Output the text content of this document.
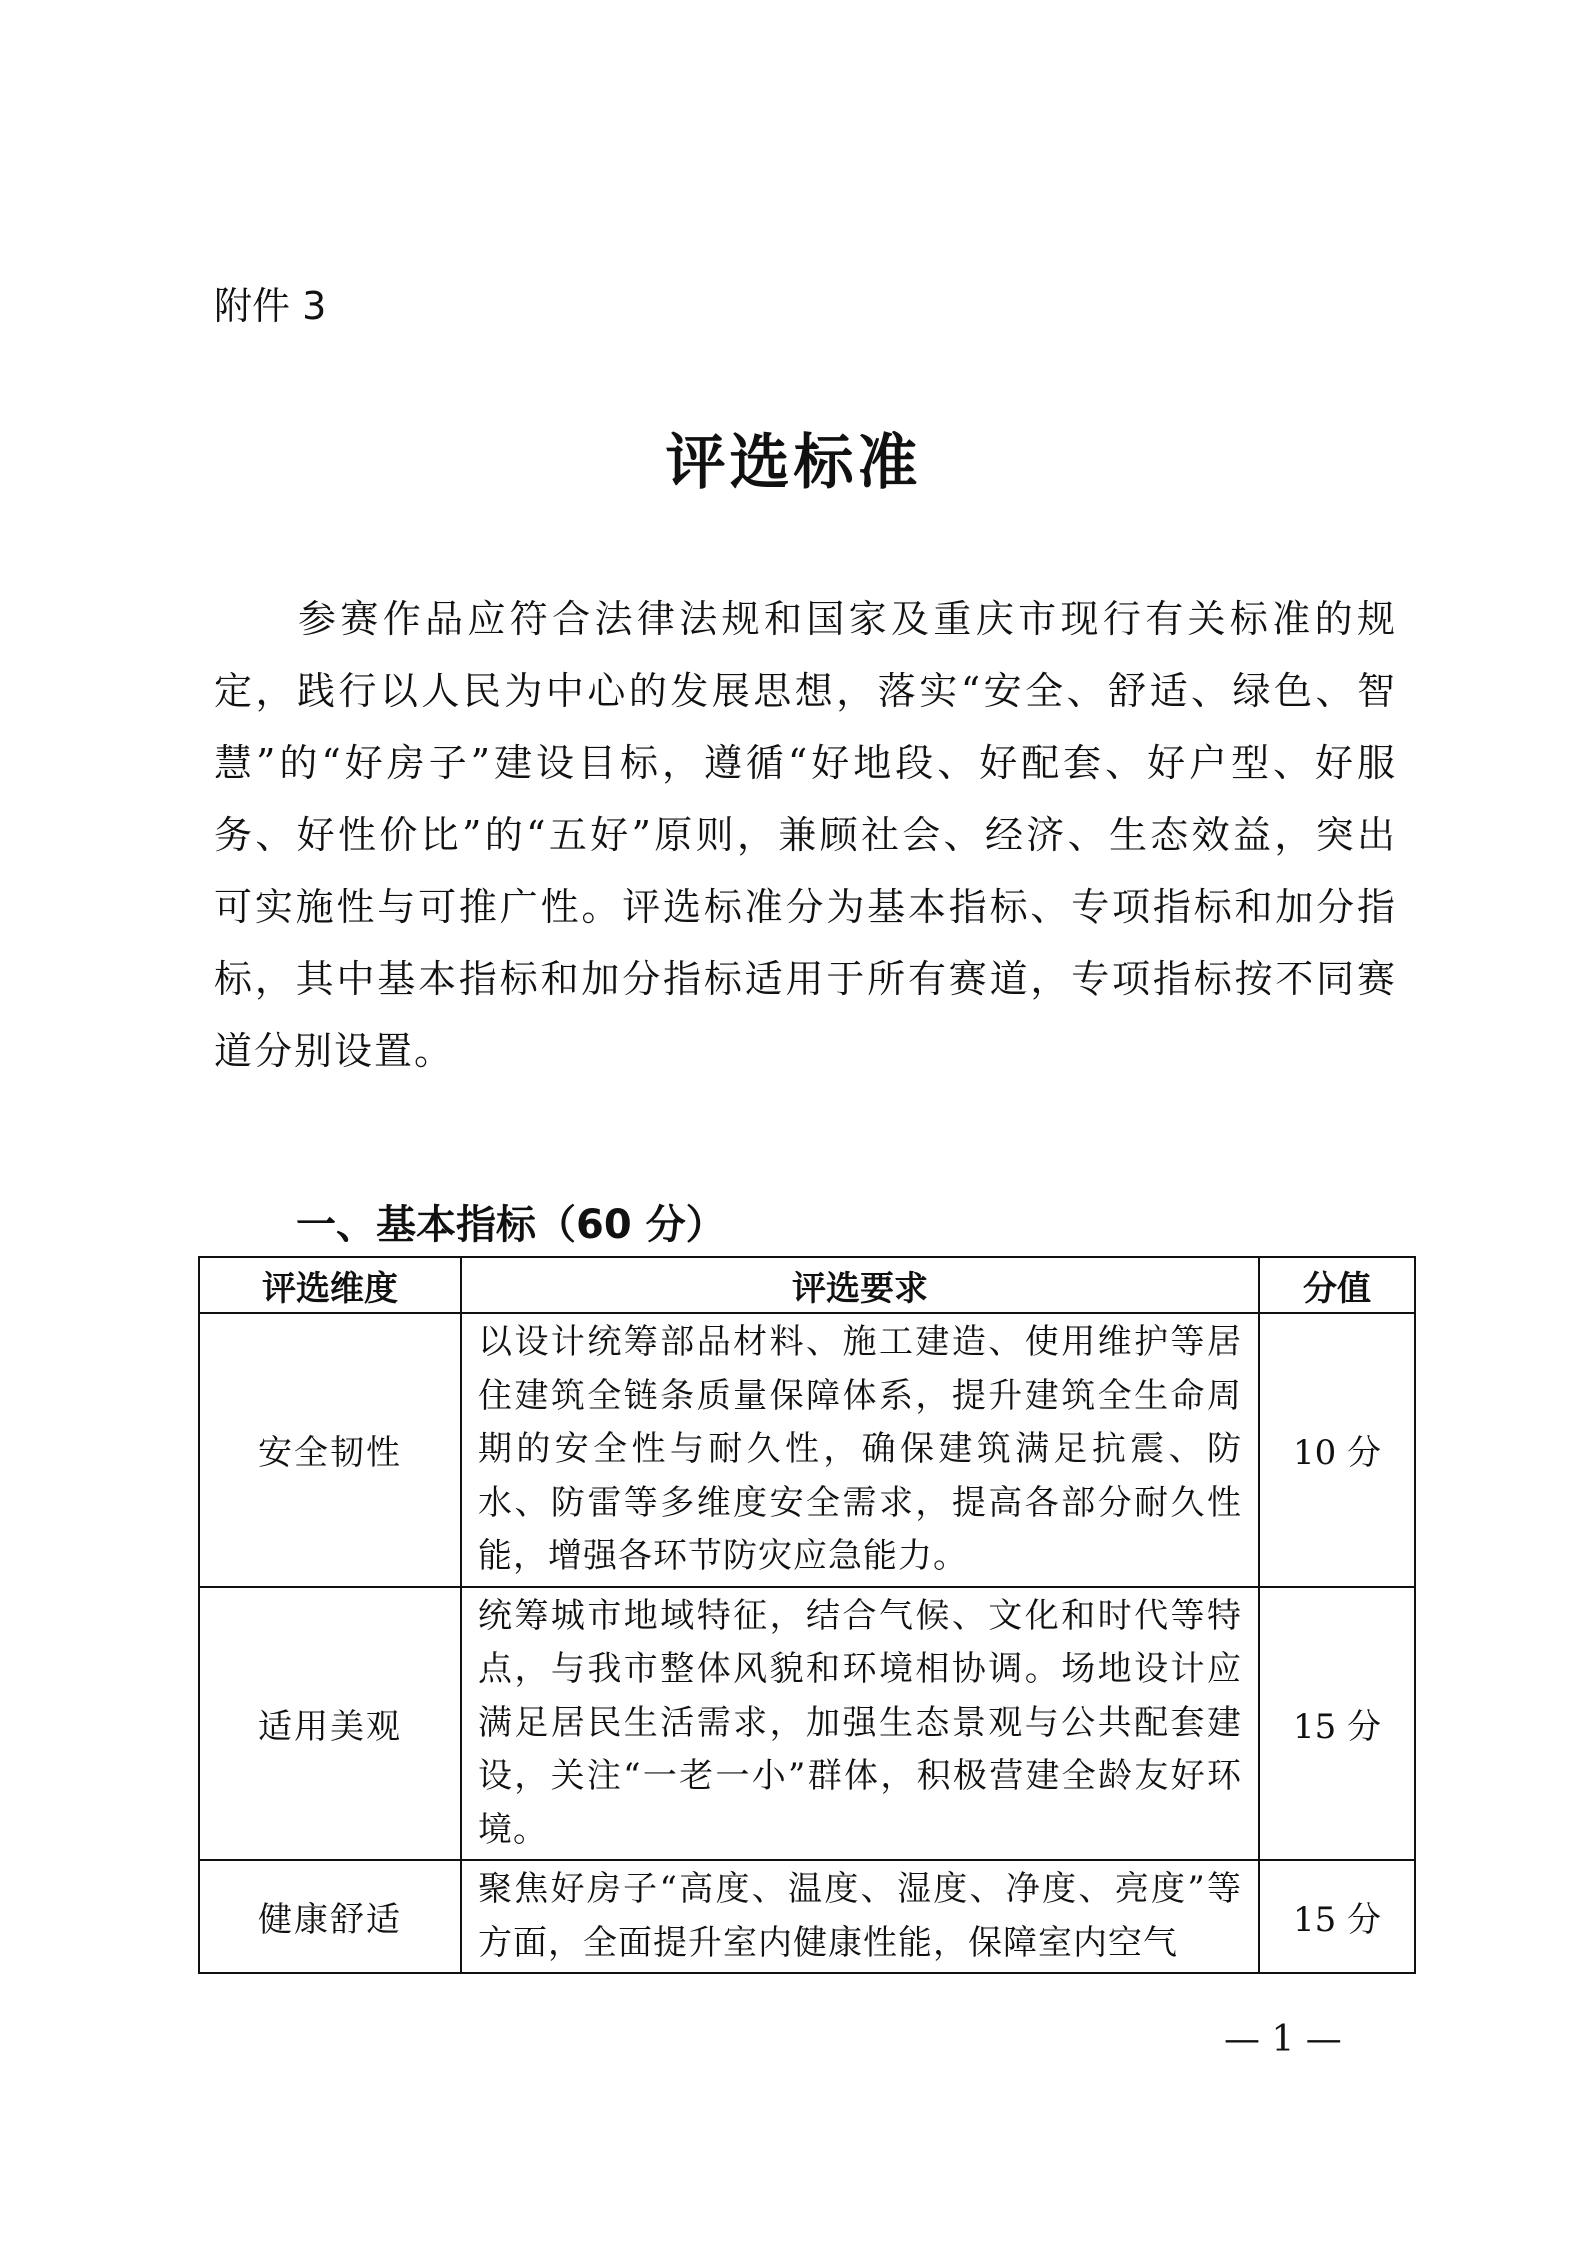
附件 3
评选标准

参赛作品应符合法律法规和国家及重庆市现行有关标准的规定，践行以人民为中心的发展思想，落实“安全、舒适、绿色、智慧”的“好房子”建设目标，遵循“好地段、好配套、好户型、好服务、好性价比”的“五好”原则，兼顾社会、经济、生态效益，突出可实施性与可推广性。评选标准分为基本指标、专项指标和加分指标，其中基本指标和加分指标适用于所有赛道，专项指标按不同赛道分别设置。

一、基本指标（60 分）
评选维度	评选要求	分值
安全韧性	以设计统筹部品材料、施工建造、使用维护等居住建筑全链条质量保障体系，提升建筑全生命周期的安全性与耐久性，确保建筑满足抗震、防水、防雷等多维度安全需求，提高各部分耐久性能，增强各环节防灾应急能力。	10 分
适用美观	统筹城市地域特征，结合气候、文化和时代等特点，与我市整体风貌和环境相协调。场地设计应满足居民生活需求，加强生态景观与公共配套建设，关注“一老一小”群体，积极营建全龄友好环境。	15 分
健康舒适	聚焦好房子“高度、温度、湿度、净度、亮度”等方面，全面提升室内健康性能，保障室内空气	15 分
— 1 —
